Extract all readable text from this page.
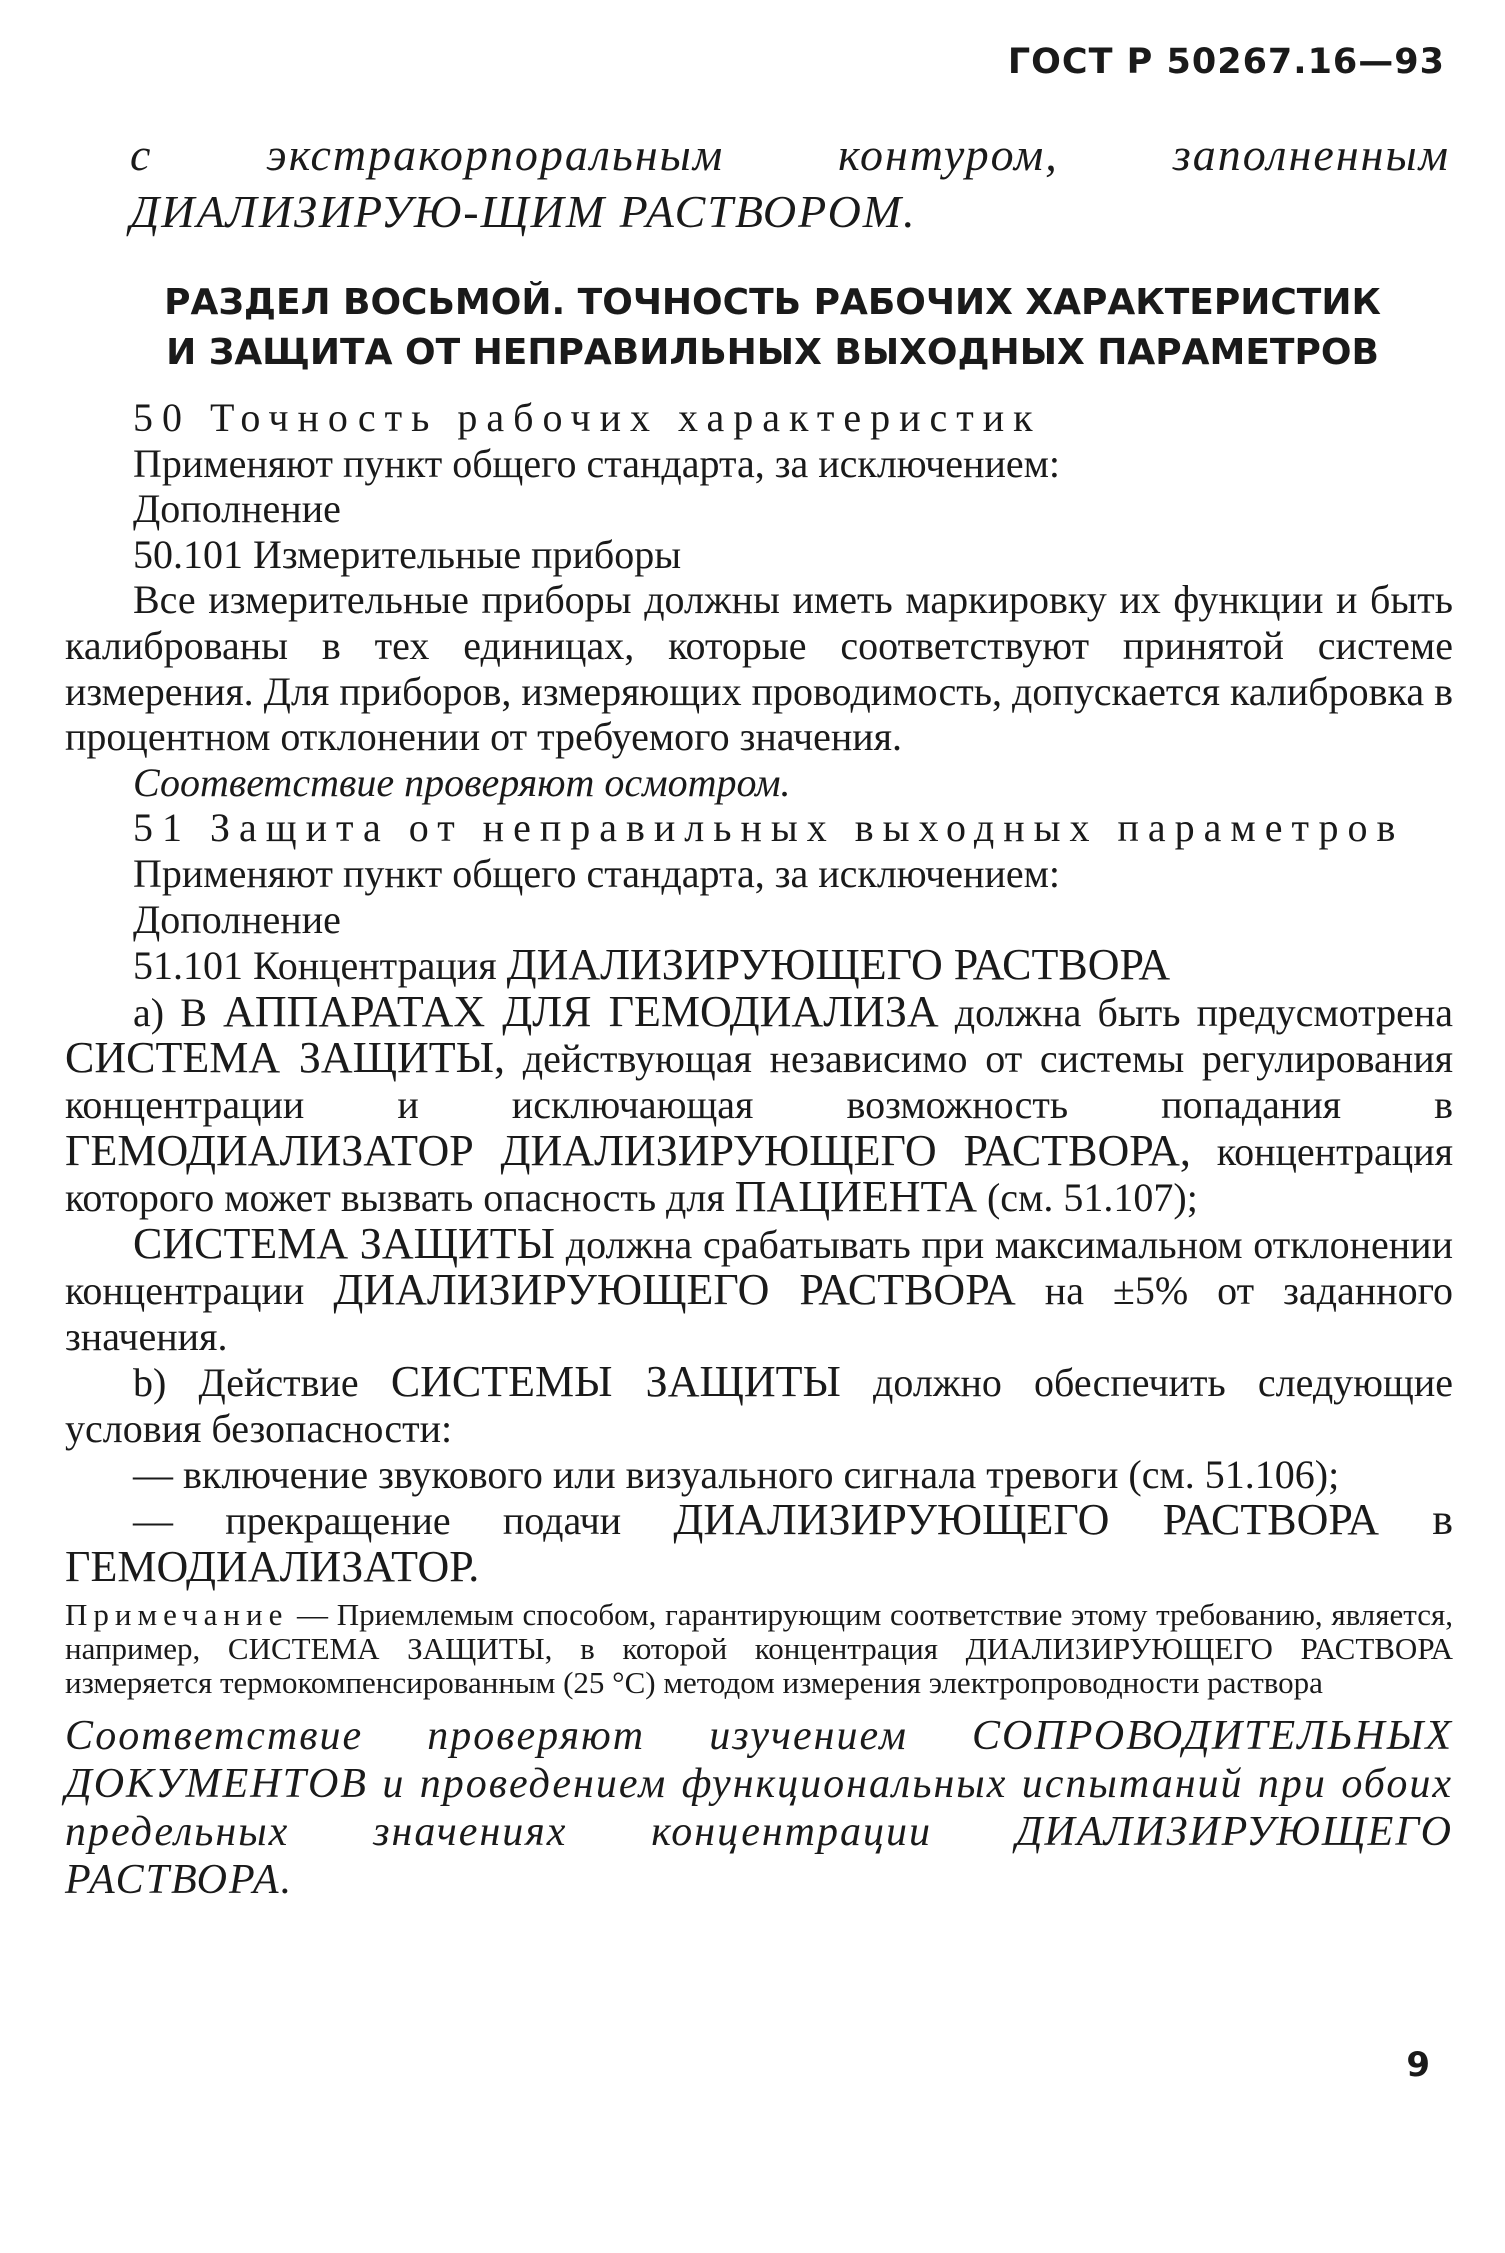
ГОСТ Р 50267.16—93
с экстракорпоральным контуром, заполненным ДИАЛИЗИРУЮ-ЩИМ РАСТВОРОМ.
РАЗДЕЛ ВОСЬМОЙ. ТОЧНОСТЬ РАБОЧИХ ХАРАКТЕРИСТИК
И ЗАЩИТА ОТ НЕПРАВИЛЬНЫХ ВЫХОДНЫХ ПАРАМЕТРОВ

50 Точность рабочих характеристик

Применяют пункт общего стандарта, за исключением:

Дополнение

50.101 Измерительные приборы

Все измерительные приборы должны иметь маркировку их функции и быть калиброваны в тех единицах, которые соответствуют принятой системе измерения. Для приборов, измеряющих проводимость, допускается калибровка в процентном отклонении от требуемого значения.

Соответствие проверяют осмотром.

51 Защита от неправильных выходных параметров

Применяют пункт общего стандарта, за исключением:

Дополнение

51.101 Концентрация ДИАЛИЗИРУЮЩЕГО РАСТВОРА

а) В АППАРАТАХ ДЛЯ ГЕМОДИАЛИЗА должна быть предусмотрена СИСТЕМА ЗАЩИТЫ, действующая независимо от системы регулирования концентрации и исключающая возможность попадания в ГЕМОДИАЛИЗАТОР ДИАЛИЗИРУЮЩЕГО РАСТВОРА, концентрация которого может вызвать опасность для ПАЦИЕНТА (см. 51.107);

СИСТЕМА ЗАЩИТЫ должна срабатывать при максимальном отклонении концентрации ДИАЛИЗИРУЮЩЕГО РАСТВОРА на ±5% от заданного значения.

b) Действие СИСТЕМЫ ЗАЩИТЫ должно обеспечить следующие условия безопасности:

— включение звукового или визуального сигнала тревоги (см. 51.106);

— прекращение подачи ДИАЛИЗИРУЮЩЕГО РАСТВОРА в ГЕМОДИАЛИЗАТОР.

Примечание — Приемлемым способом, гарантирующим соответствие этому требованию, является, например, СИСТЕМА ЗАЩИТЫ, в которой концентрация ДИАЛИЗИРУЮЩЕГО РАСТВОРА измеряется термокомпенсированным (25 °C) методом измерения электропроводности раствора

Соответствие проверяют изучением СОПРОВОДИТЕЛЬНЫХ ДОКУМЕНТОВ и проведением функциональных испытаний при обоих предельных значениях концентрации ДИАЛИЗИРУЮЩЕГО РАСТВОРА.

9
